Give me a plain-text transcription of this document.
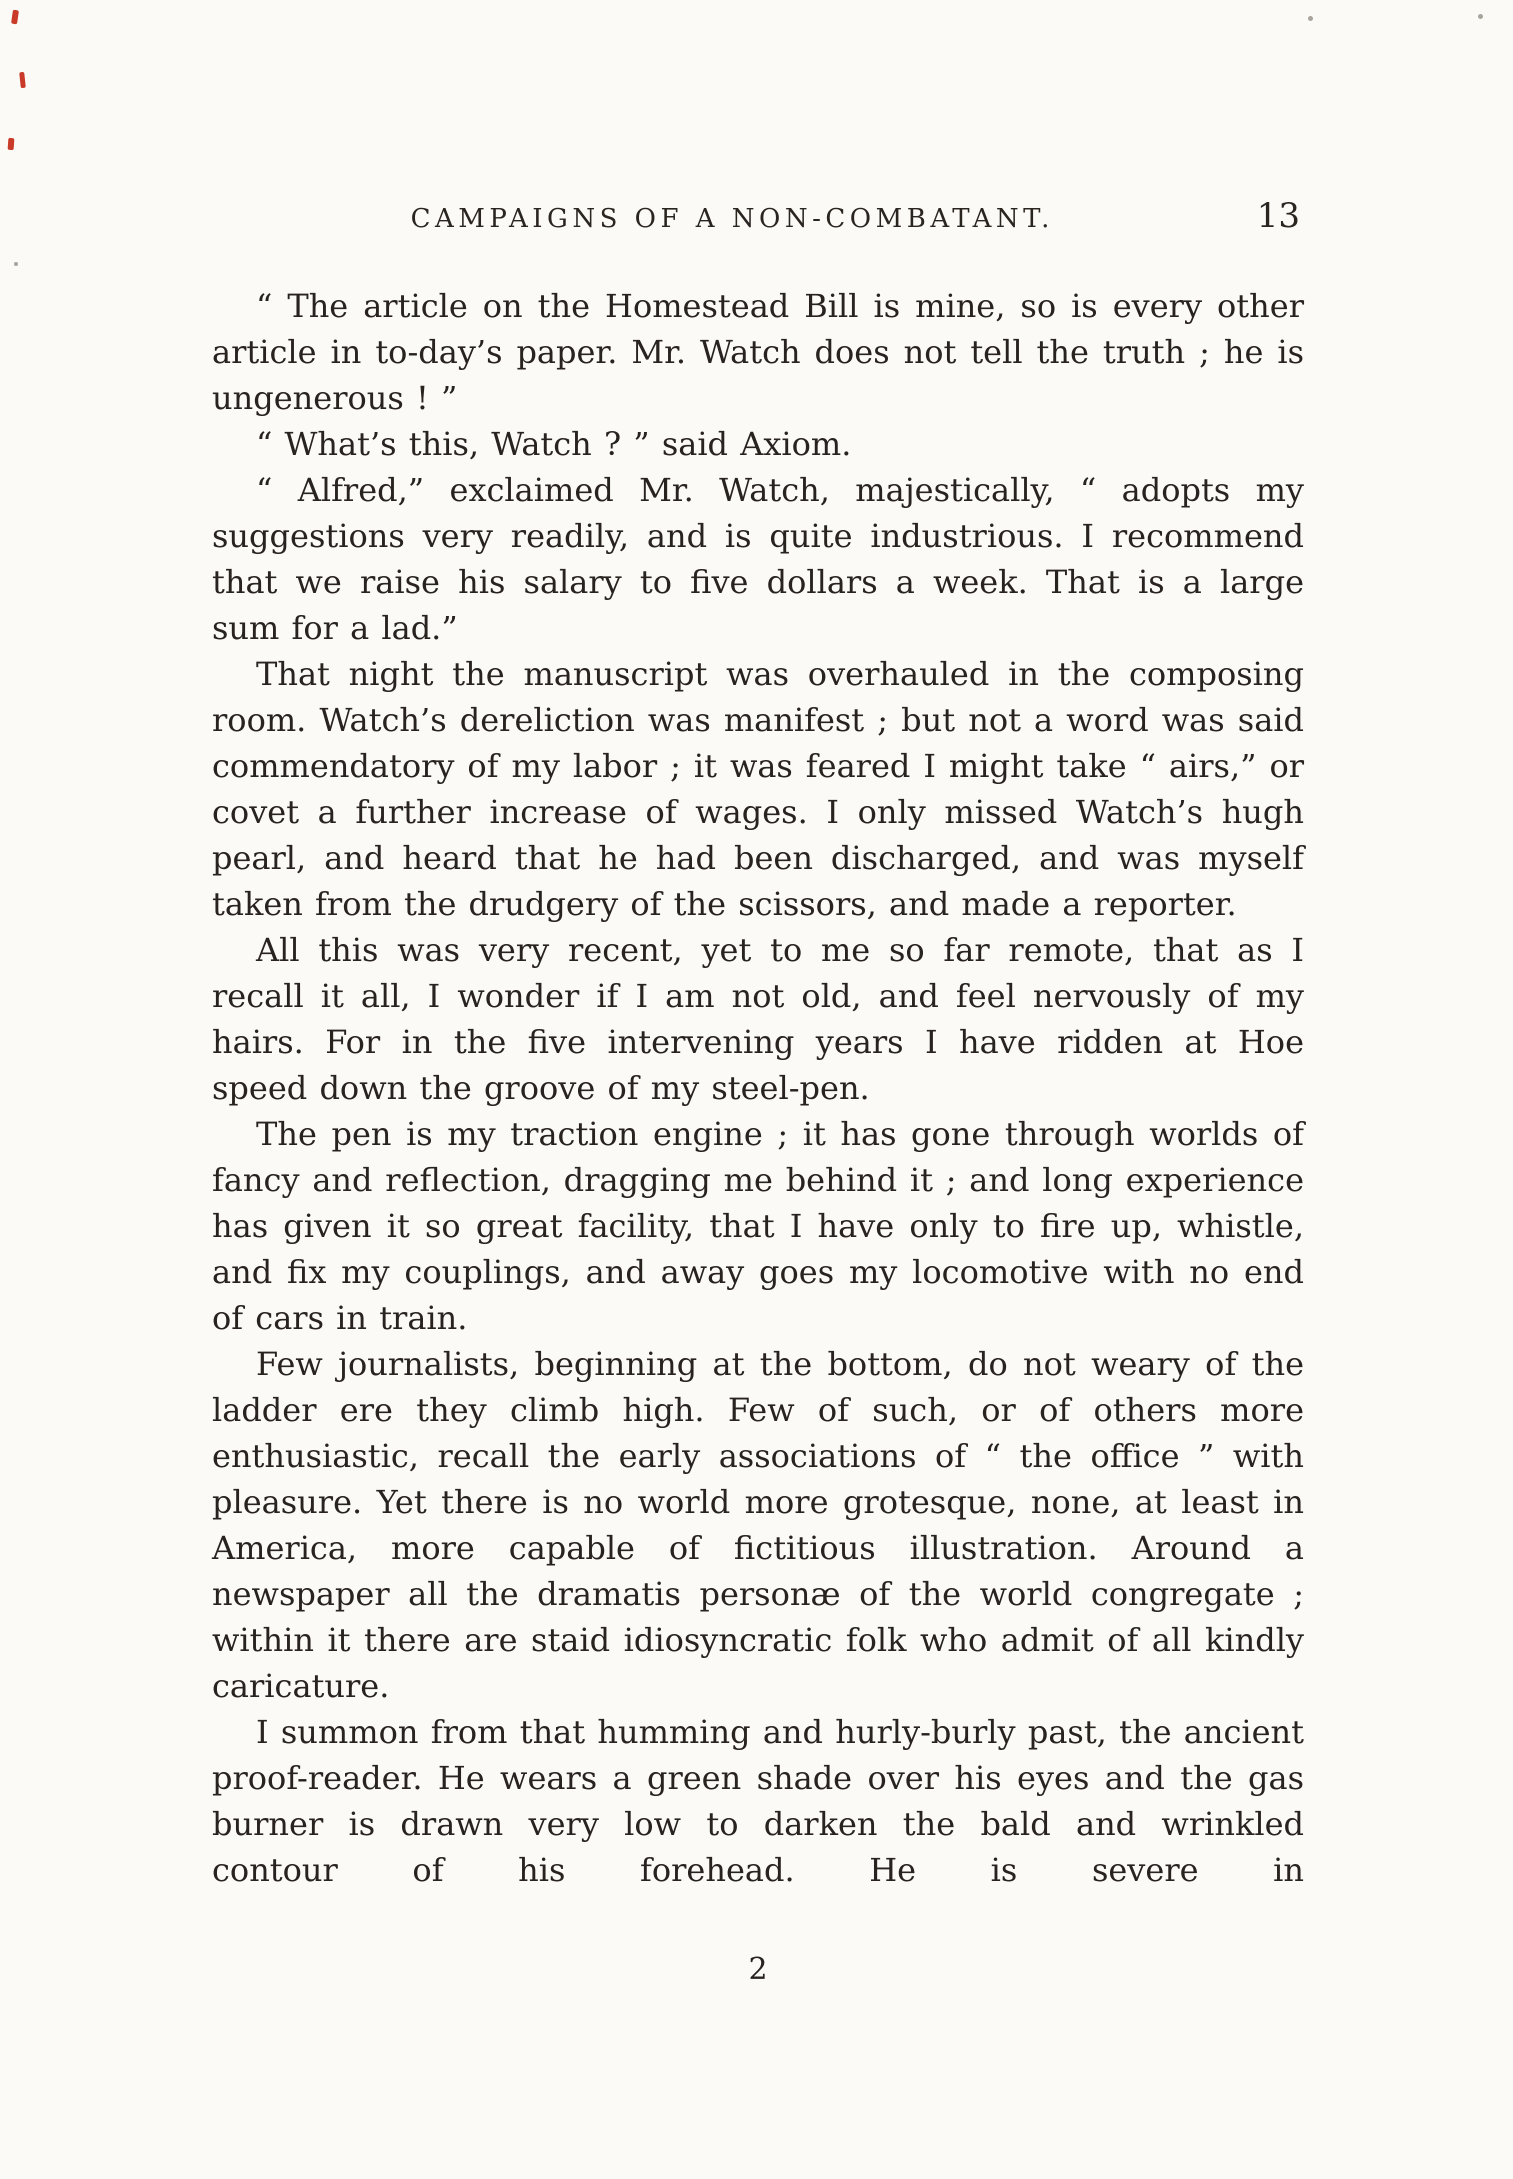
CAMPAIGNS OF A NON-COMBATANT.	13

“ The article on the Homestead Bill is mine, so is every other article in to-day’s paper. Mr. Watch does not tell the truth ; he is ungenerous ! ”

“ What’s this, Watch ? ” said Axiom.

“ Alfred,” exclaimed Mr. Watch, majestically, “ adopts my suggestions very readily, and is quite industrious. I recommend that we raise his salary to five dollars a week. That is a large sum for a lad.”

That night the manuscript was overhauled in the composing room. Watch’s dereliction was manifest ; but not a word was said commendatory of my labor ; it was feared I might take “ airs,” or covet a further increase of wages. I only missed Watch’s hugh pearl, and heard that he had been discharged, and was myself taken from the drudgery of the scissors, and made a reporter.

All this was very recent, yet to me so far remote, that as I recall it all, I wonder if I am not old, and feel nervously of my hairs. For in the five intervening years I have ridden at Hoe speed down the groove of my steel-pen.

The pen is my traction engine ; it has gone through worlds of fancy and reflection, dragging me behind it ; and long experience has given it so great facility, that I have only to fire up, whistle, and fix my couplings, and away goes my locomotive with no end of cars in train.

Few journalists, beginning at the bottom, do not weary of the ladder ere they climb high. Few of such, or of others more enthusiastic, recall the early associations of “ the office ” with pleasure. Yet there is no world more grotesque, none, at least in America, more capable of fictitious illustration. Around a newspaper all the dramatis personæ of the world congregate ; within it there are staid idiosyncratic folk who admit of all kindly caricature.

I summon from that humming and hurly-burly past, the ancient proof-reader. He wears a green shade over his eyes and the gas burner is drawn very low to darken the bald and wrinkled contour of his forehead. He is severe in

2
